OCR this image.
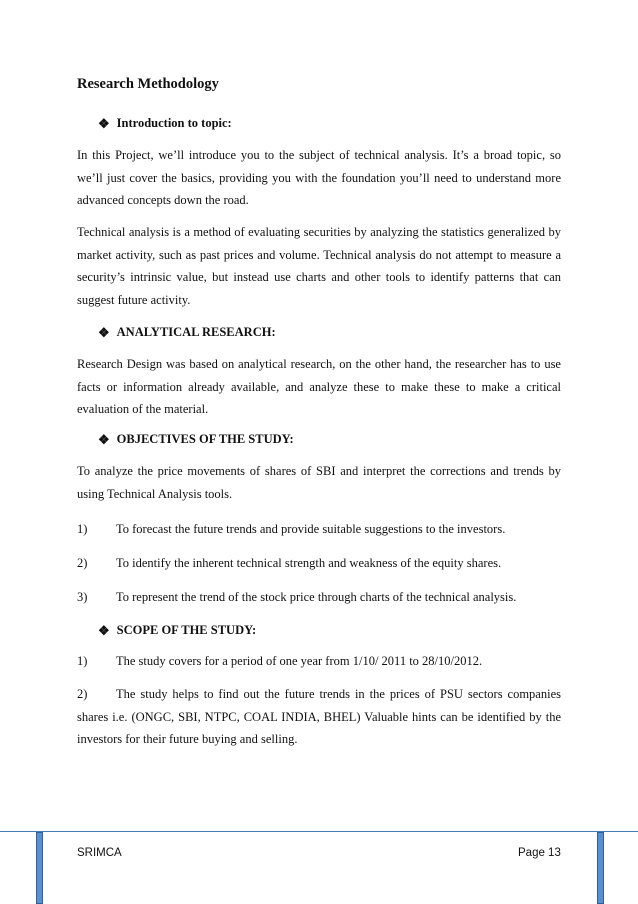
Research Methodology
❖ Introduction to topic:
In this Project, we’ll introduce you to the subject of technical analysis. It’s a broad topic, so we’ll just cover the basics, providing you with the foundation you’ll need to understand more advanced concepts down the road.
Technical analysis is a method of evaluating securities by analyzing the statistics generalized by market activity, such as past prices and volume. Technical analysis do not attempt to measure a security’s intrinsic value, but instead use charts and other tools to identify patterns that can suggest future activity.
❖ ANALYTICAL RESEARCH:
Research Design was based on analytical research, on the other hand, the researcher has to use facts or information already available, and analyze these to make these to make a critical evaluation of the material.
❖ OBJECTIVES OF THE STUDY:
To analyze the price movements of shares of SBI and interpret the corrections and trends by using Technical Analysis tools.
1) To forecast the future trends and provide suitable suggestions to the investors.
2) To identify the inherent technical strength and weakness of the equity shares.
3) To represent the trend of the stock price through charts of the technical analysis.
❖ SCOPE OF THE STUDY:
1) The study covers for a period of one year from 1/10/ 2011 to 28/10/2012.
2) The study helps to find out the future trends in the prices of PSU sectors companies shares i.e. (ONGC, SBI, NTPC, COAL INDIA, BHEL) Valuable hints can be identified by the investors for their future buying and selling.
SRIMCA	Page 13
